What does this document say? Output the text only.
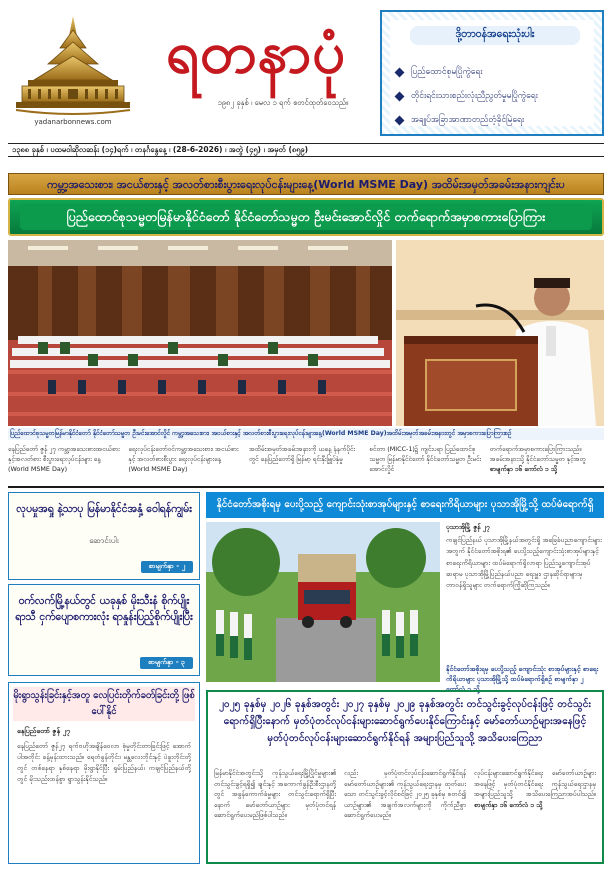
yadanarbonnews.com
ရတနာပုံ
၁၉၈၂ ခုနှစ် ၊ မေလ ၁ ရက် စတင်ထုတ်ဝေသည်။
ဒို့တာဝန်အရေးသုံးပါး
ပြည်ထောင်စုမပြိုကွဲရေး
တိုင်းရင်းသားစည်းလုံးညီညွတ်မှုမပြိုကွဲရေး
အချုပ်အခြာအာဏာတည်တံ့ခိုင်မြဲရေး
၁၃၈၈ ခုနှစ် ၊ ပထမဝါဆိုလဆန်း (၁၄)ရက် ၊ တနင်္ဂနွေနေ့ ၊ (28-6-2026) ၊ အတွဲ (၄၅) ၊ အမှတ် (၈၅၉)
ကမ္ဘာ့အသေးစား၊ အငယ်စားနှင့် အလတ်စားစီးပွားရေးလုပ်ငန်းများနေ့(World MSME Day) အထိမ်းအမှတ်အခမ်းအနားကျင်းပ
ပြည်ထောင်စုသမ္မတမြန်မာနိုင်ငံတော် နိုင်ငံတော်သမ္မတ ဦးမင်းအောင်လှိုင် တက်ရောက်အမှာစကားပြောကြား
ပြည်ထောင်စုသမ္မတမြန်မာနိုင်ငံတော် နိုင်ငံတော်သမ္မတ ဦးမင်းအောင်လှိုင် ကမ္ဘာ့အသေးစား၊ အငယ်စားနှင့် အလတ်စားစီးပွားရေးလုပ်ငန်းများနေ့(World MSME Day)အထိမ်းအမှတ်အခမ်းအနားတွင် အမှာစကားပြောကြားစဉ်
နေပြည်တော် ဇွန် ၂၇ ကမ္ဘာ့အသေးစား၊အငယ်စားနှင့်အလတ်စား စီးပွားရေးလုပ်ငန်းများ နေ့ (World MSME Day)
ရေးလုပ်ငန်းတော်ဝင်ကမ္ဘာ့အသေးစား၊ အငယ်စားနှင့် အလတ်စားစီးပွား ရေးလုပ်ငန်းများနေ့ (World MSME Day)
အထိမ်းအမှတ်အခမ်းအနားကို ယနေ့ နံနက်ပိုင်းတွင် နေပြည်တော်ရှိ မြန်မာ့ ရင်းနှီးမြှုပ်နှံမှု
စင်တာ (MICC-1)၌ ကျင်းပရာ ပြည်ထောင်စုသမ္မတ မြန်မာနိုင်ငံတော် နိုင်ငံတော်သမ္မတ ဦးမင်းအောင်လှိုင်
တက်ရောက်အမှာစကားပြောကြားသည်။ အခမ်းအနားသို့ နိုင်ငံတော်သမ္မတ နှင့်အတူ စာမျက်နှာ ၁၆ ကော်လံ ၁ သို့
လုပမှုအရှု နဲ့သာပု မြန်မာနိုင်ငံအနှံ့ ဝေါရန်ကျွမ်း
ဆောင်းပါး
စာမျက်နှာ - ၂
ဝက်လက်မြို့နယ်တွင် ယခုနှစ် မိုးသီးနံ စိုက်ပျိုးရာသီ ငှက်ပျောစကားလုံး ရာနှုန်းပြည့်စိုက်ပျိုးပြီး
စာမျက်နှာ - ၃
မိုးရွာသွန်းခြင်းနှင့်အတူ လေပြင်းတိုက်ခတ်ခြင်းတို့ ဖြစ်ပေါ်နိုင်
နေပြည်တော် ဇွန် ၂၇
နေပြည်တော် ဇွန်၂၇ ရက်ဗဟိုအချိန်ဝေလာ စုံမှုတိုင်းတာခြင်းဖြင့် အောက်ပါအတိုင်း ခန့်မှန်းထားသည်။ ရေတံခွန်တိုင်း၊ မန္တလေးတိုင်းနှင့် ပဲခူးတိုင်းတို့တွင် တစ်နေရာ နှစ်နေရာ မိုးရွာနိုင်ပြီး ရှမ်းပြည်နယ်၊ ကချင်ပြည်နယ်တို့တွင် မိုးသည်းထန်စွာ ရွာသွန်းနိုင်သည်။
နိုင်ငံတော်အစိုးရမှ ပေးပို့သည့် ကျောင်းသုံးစာအုပ်များနှင့် စာရေးကိရိယာများ ပုသာအိုမြို့သို့ ထပ်မံရောက်ရှိ
ပုသာအိုမြို့ ဇွန် ၂၇
ကချင်ပြည်နယ် ပုသာအိုမြို့နယ်အတွင်းရှိ အခြေခံပညာကျောင်းများအတွက် နိုင်ငံတော်အစိုးရ၏ ပေးပို့သည့်ကျောင်းသုံးစာအုပ်များနှင့် စာရေးကိရိယာများ ထပ်မံရောက်ရှိလာရာ ပြည်သူ့ကျောင်းအုပ်ဆရာမ ပုသာအိုမြို့ပြည်နယ်ပညာ ရေးမှူး၊ ဌာနဆိုင်ရာများမှ တာဝန်ရှိသူများ တက်ရောက်ကြိုဆိုကြသည်။
နိုင်ငံတော်အစိုးရမှ ပေးပို့သည့် ကျောင်းသုံး စာအုပ်များနှင့် စာရေးကိရိယာများ ပုသာအိုမြို့သို့ ထပ်မံရောက်ရှိစဉ် စာမျက်နှာ ၂ ကော်လံ ၁ သို့
၂၀၂၅ ခုနှစ်မှ ၂၀၂၆ ခုနှစ်အတွင်း ၂၀၂၇ ခုနှစ်မှ ၂၀၂၉ ခုနှစ်အတွင်း တင်သွင်းခွင့်လုပ်ငန်းဖြင့် တင်သွင်းရောက်ရှိပြီးနောက် မှတ်ပုံတင်လုပ်ငန်းများဆောင်ရွက်ပေးနိုင်ကြောင်းနှင့် မော်တော်ယာဉ်များအနေဖြင့် မှတ်ပုံတင်လုပ်ငန်းများဆောင်ရွက်နိုင်ရန် အများပြည်သူသို့ အသိပေးကြေညာ
မြန်မာနိုင်ငံအတွင်းသို့ ကုန်သွယ်ရေးမြို့ပြိုင်မှုများ၏ တင်သွင်းခွင့်ရရှိ၍ ချင်းနှင့် အကောက်ခွန်ဦးစီးဌာနတို့တွင် အခွန်ကောက်ခံမှုများ တင်သွင်းရောက်ရှိပြီးနောက် မော်တော်ယာဉ်များ မှတ်ပုံတင်ရန် ဆောင်ရွက်ပေးမည်ဖြစ်ပါသည်။
လည်း မှတ်ပုံတင်လုပ်ငန်းဆောင်ရွက်နိုင်ရန် မော်တော်ယာဉ်များ၏ ကုန်သွယ်ရေးဌာနမှ ထုတ်ပေးသော တင်သွင်းခွင့်လိုင်စင်ဖြင့် ၂၀၂၅ ခုနှစ်မှ စတင်၍ ယာဉ်များ၏ အချက်အလက်များကို ကိုက်ညီစွာ ဆောင်ရွက်ပေးမည်။
လုပ်ငန်းများဆောင်ရွက်နိုင်ရေး မော်တော်ယာဉ်များအနေဖြင့် မှတ်ပုံတင်နိုင်ရေး ကုန်သွယ်ရေးဌာနမှ အများပြည်သူသို့ အသိပေးကြေညာအပ်ပါသည်။ စာမျက်နှာ ၁၆ ကော်လံ ၁ သို့
